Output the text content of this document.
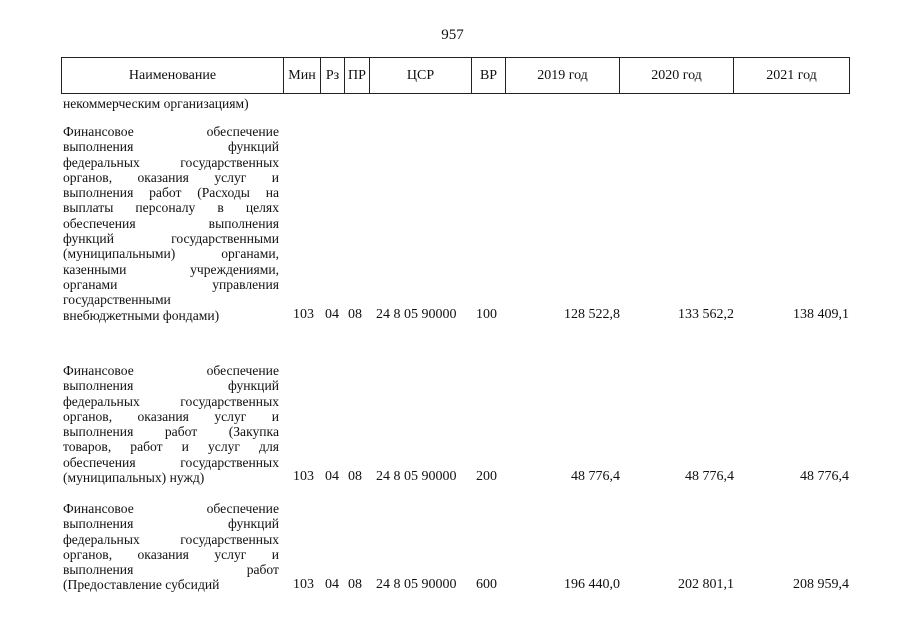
957
Наименование	Мин	Рз	ПР	ЦСР	ВР	2019 год	2020 год	2021 год
некоммерческим организациям)
Финансовое обеспечение
выполнения функций
федеральных государственных
органов, оказания услуг и
выполнения работ (Расходы на
выплаты персоналу в целях
обеспечения выполнения
функций государственными
(муниципальными) органами,
казенными учреждениями,
органами управления
государственными
внебюджетными фондами)	103 04 08	24 8 05 90000	100	128 522,8	133 562,2	138 409,1
Финансовое обеспечение
выполнения функций
федеральных государственных
органов, оказания услуг и
выполнения работ (Закупка
товаров, работ и услуг для
обеспечения государственных
(муниципальных) нужд)	103 04 08	24 8 05 90000	200	48 776,4	48 776,4	48 776,4
Финансовое обеспечение
выполнения функций
федеральных государственных
органов, оказания услуг и
выполнения работ
(Предоставление субсидий	103 04 08	24 8 05 90000	600	196 440,0	202 801,1	208 959,4
